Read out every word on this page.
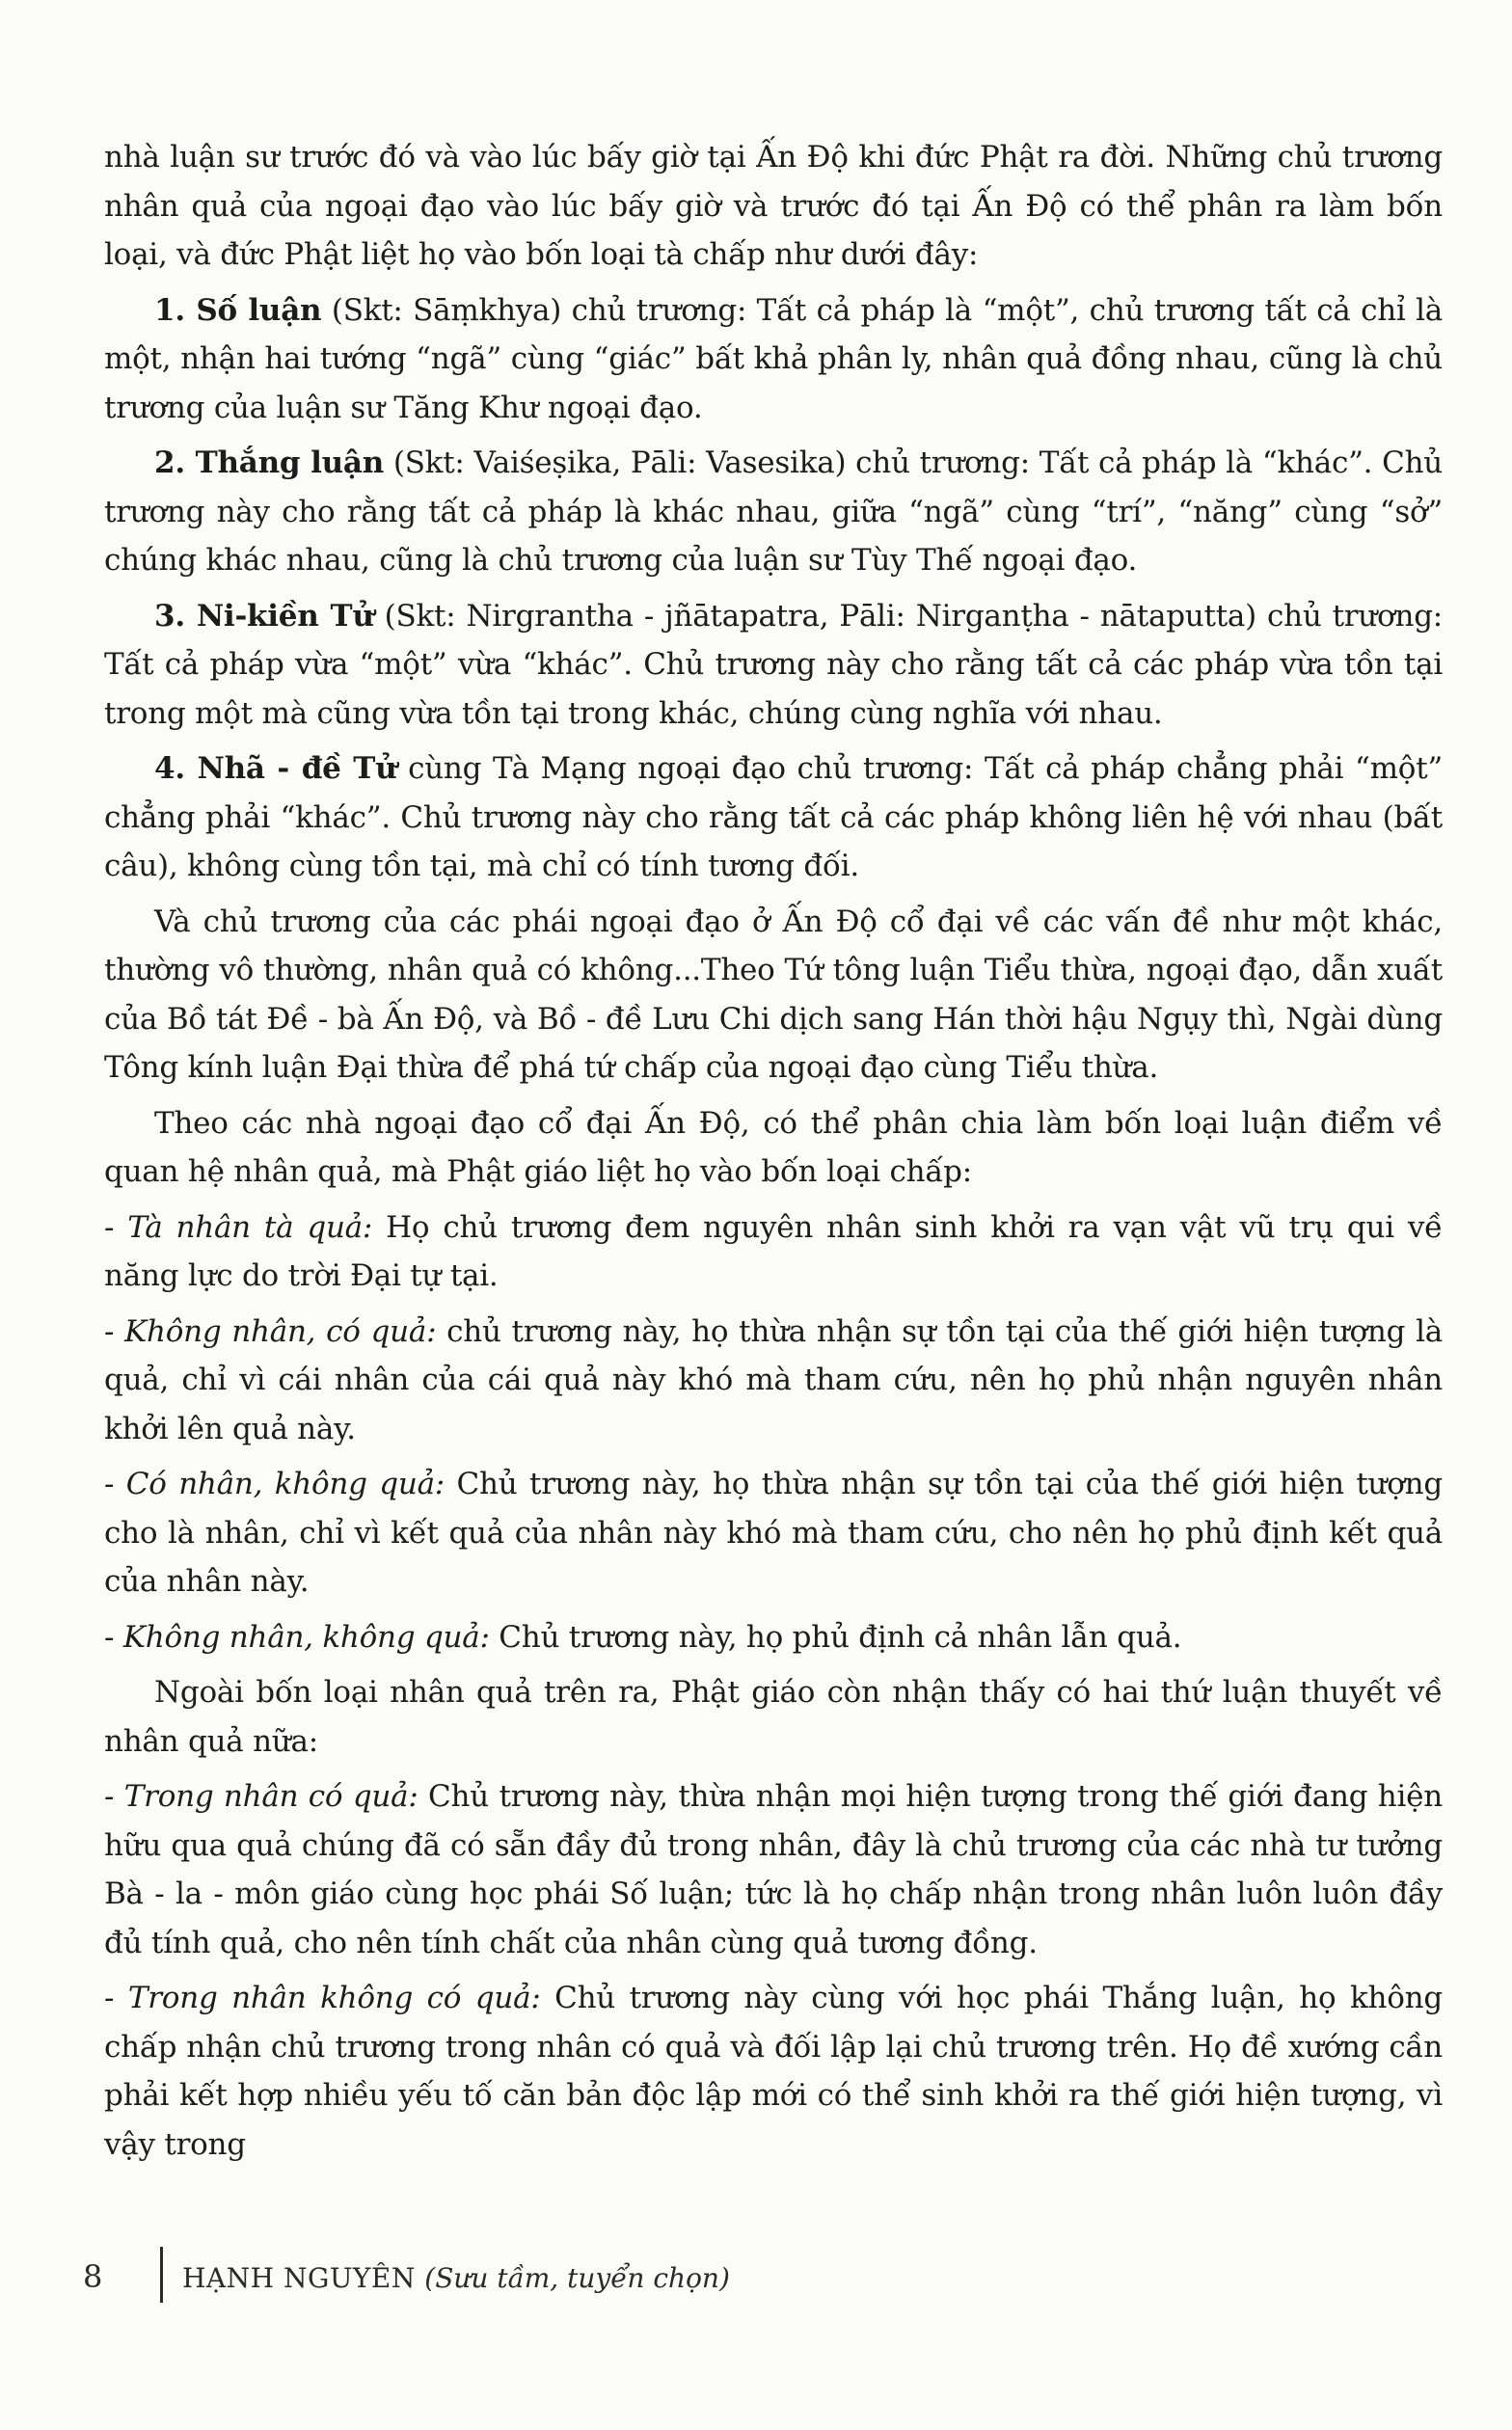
nhà luận sư trước đó và vào lúc bấy giờ tại Ấn Độ khi đức Phật ra đời. Những chủ trương nhân quả của ngoại đạo vào lúc bấy giờ và trước đó tại Ấn Độ có thể phân ra làm bốn loại, và đức Phật liệt họ vào bốn loại tà chấp như dưới đây:

1. Số luận (Skt: Sāṃkhya) chủ trương: Tất cả pháp là “một”, chủ trương tất cả chỉ là một, nhận hai tướng “ngã” cùng “giác” bất khả phân ly, nhân quả đồng nhau, cũng là chủ trương của luận sư Tăng Khư ngoại đạo.

2. Thắng luận (Skt: Vaiśeṣika, Pāli: Vasesika) chủ trương: Tất cả pháp là “khác”. Chủ trương này cho rằng tất cả pháp là khác nhau, giữa “ngã” cùng “trí”, “năng” cùng “sở” chúng khác nhau, cũng là chủ trương của luận sư Tùy Thế ngoại đạo.

3. Ni-kiền Tử (Skt: Nirgrantha - jñātapatra, Pāli: Nirganṭha - nātaputta) chủ trương: Tất cả pháp vừa “một” vừa “khác”. Chủ trương này cho rằng tất cả các pháp vừa tồn tại trong một mà cũng vừa tồn tại trong khác, chúng cùng nghĩa với nhau.

4. Nhã - đề Tử cùng Tà Mạng ngoại đạo chủ trương: Tất cả pháp chẳng phải “một” chẳng phải “khác”. Chủ trương này cho rằng tất cả các pháp không liên hệ với nhau (bất câu), không cùng tồn tại, mà chỉ có tính tương đối.

Và chủ trương của các phái ngoại đạo ở Ấn Độ cổ đại về các vấn đề như một khác, thường vô thường, nhân quả có không...Theo Tứ tông luận Tiểu thừa, ngoại đạo, dẫn xuất của Bồ tát Đề - bà Ấn Độ, và Bồ - đề Lưu Chi dịch sang Hán thời hậu Ngụy thì, Ngài dùng Tông kính luận Đại thừa để phá tứ chấp của ngoại đạo cùng Tiểu thừa.

Theo các nhà ngoại đạo cổ đại Ấn Độ, có thể phân chia làm bốn loại luận điểm về quan hệ nhân quả, mà Phật giáo liệt họ vào bốn loại chấp:

- Tà nhân tà quả: Họ chủ trương đem nguyên nhân sinh khởi ra vạn vật vũ trụ qui về năng lực do trời Đại tự tại.

- Không nhân, có quả: chủ trương này, họ thừa nhận sự tồn tại của thế giới hiện tượng là quả, chỉ vì cái nhân của cái quả này khó mà tham cứu, nên họ phủ nhận nguyên nhân khởi lên quả này.

- Có nhân, không quả: Chủ trương này, họ thừa nhận sự tồn tại của thế giới hiện tượng cho là nhân, chỉ vì kết quả của nhân này khó mà tham cứu, cho nên họ phủ định kết quả của nhân này.

- Không nhân, không quả: Chủ trương này, họ phủ định cả nhân lẫn quả.

Ngoài bốn loại nhân quả trên ra, Phật giáo còn nhận thấy có hai thứ luận thuyết về nhân quả nữa:

- Trong nhân có quả: Chủ trương này, thừa nhận mọi hiện tượng trong thế giới đang hiện hữu qua quả chúng đã có sẵn đầy đủ trong nhân, đây là chủ trương của các nhà tư tưởng Bà - la - môn giáo cùng học phái Số luận; tức là họ chấp nhận trong nhân luôn luôn đầy đủ tính quả, cho nên tính chất của nhân cùng quả tương đồng.

- Trong nhân không có quả: Chủ trương này cùng với học phái Thắng luận, họ không chấp nhận chủ trương trong nhân có quả và đối lập lại chủ trương trên. Họ đề xướng cần phải kết hợp nhiều yếu tố căn bản độc lập mới có thể sinh khởi ra thế giới hiện tượng, vì vậy trong

8	HẠNH NGUYÊN (Sưu tầm, tuyển chọn)
